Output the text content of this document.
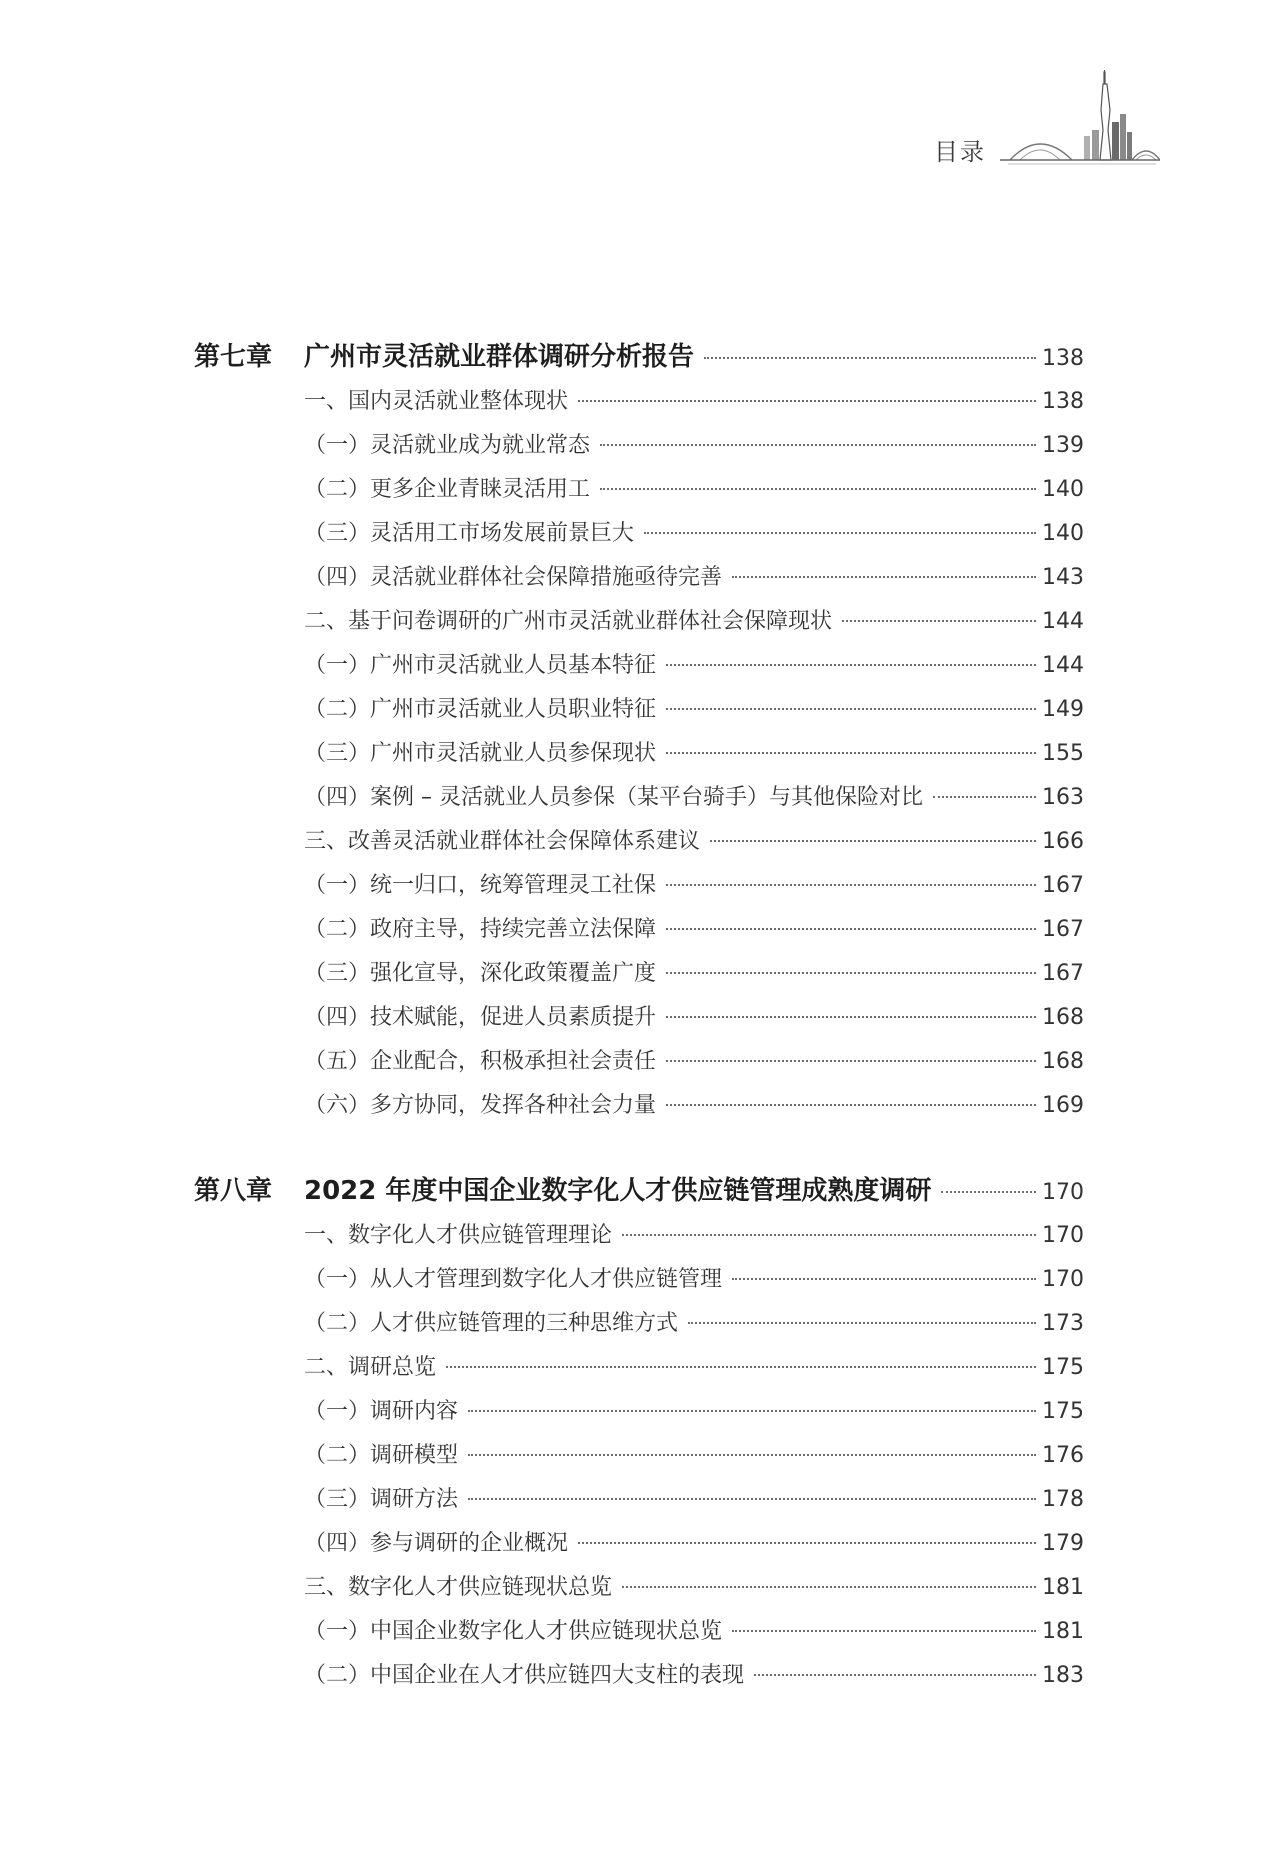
目录
第七章	广州市灵活就业群体调研分析报告	138
一、国内灵活就业整体现状	138
（一）灵活就业成为就业常态	139
（二）更多企业青睐灵活用工	140
（三）灵活用工市场发展前景巨大	140
（四）灵活就业群体社会保障措施亟待完善	143
二、基于问卷调研的广州市灵活就业群体社会保障现状	144
（一）广州市灵活就业人员基本特征	144
（二）广州市灵活就业人员职业特征	149
（三）广州市灵活就业人员参保现状	155
（四）案例 – 灵活就业人员参保（某平台骑手）与其他保险对比	163
三、改善灵活就业群体社会保障体系建议	166
（一）统一归口，统筹管理灵工社保	167
（二）政府主导，持续完善立法保障	167
（三）强化宣导，深化政策覆盖广度	167
（四）技术赋能，促进人员素质提升	168
（五）企业配合，积极承担社会责任	168
（六）多方协同，发挥各种社会力量	169
第八章	2022 年度中国企业数字化人才供应链管理成熟度调研	170
一、数字化人才供应链管理理论	170
（一）从人才管理到数字化人才供应链管理	170
（二）人才供应链管理的三种思维方式	173
二、调研总览	175
（一）调研内容	175
（二）调研模型	176
（三）调研方法	178
（四）参与调研的企业概况	179
三、数字化人才供应链现状总览	181
（一）中国企业数字化人才供应链现状总览	181
（二）中国企业在人才供应链四大支柱的表现	183
